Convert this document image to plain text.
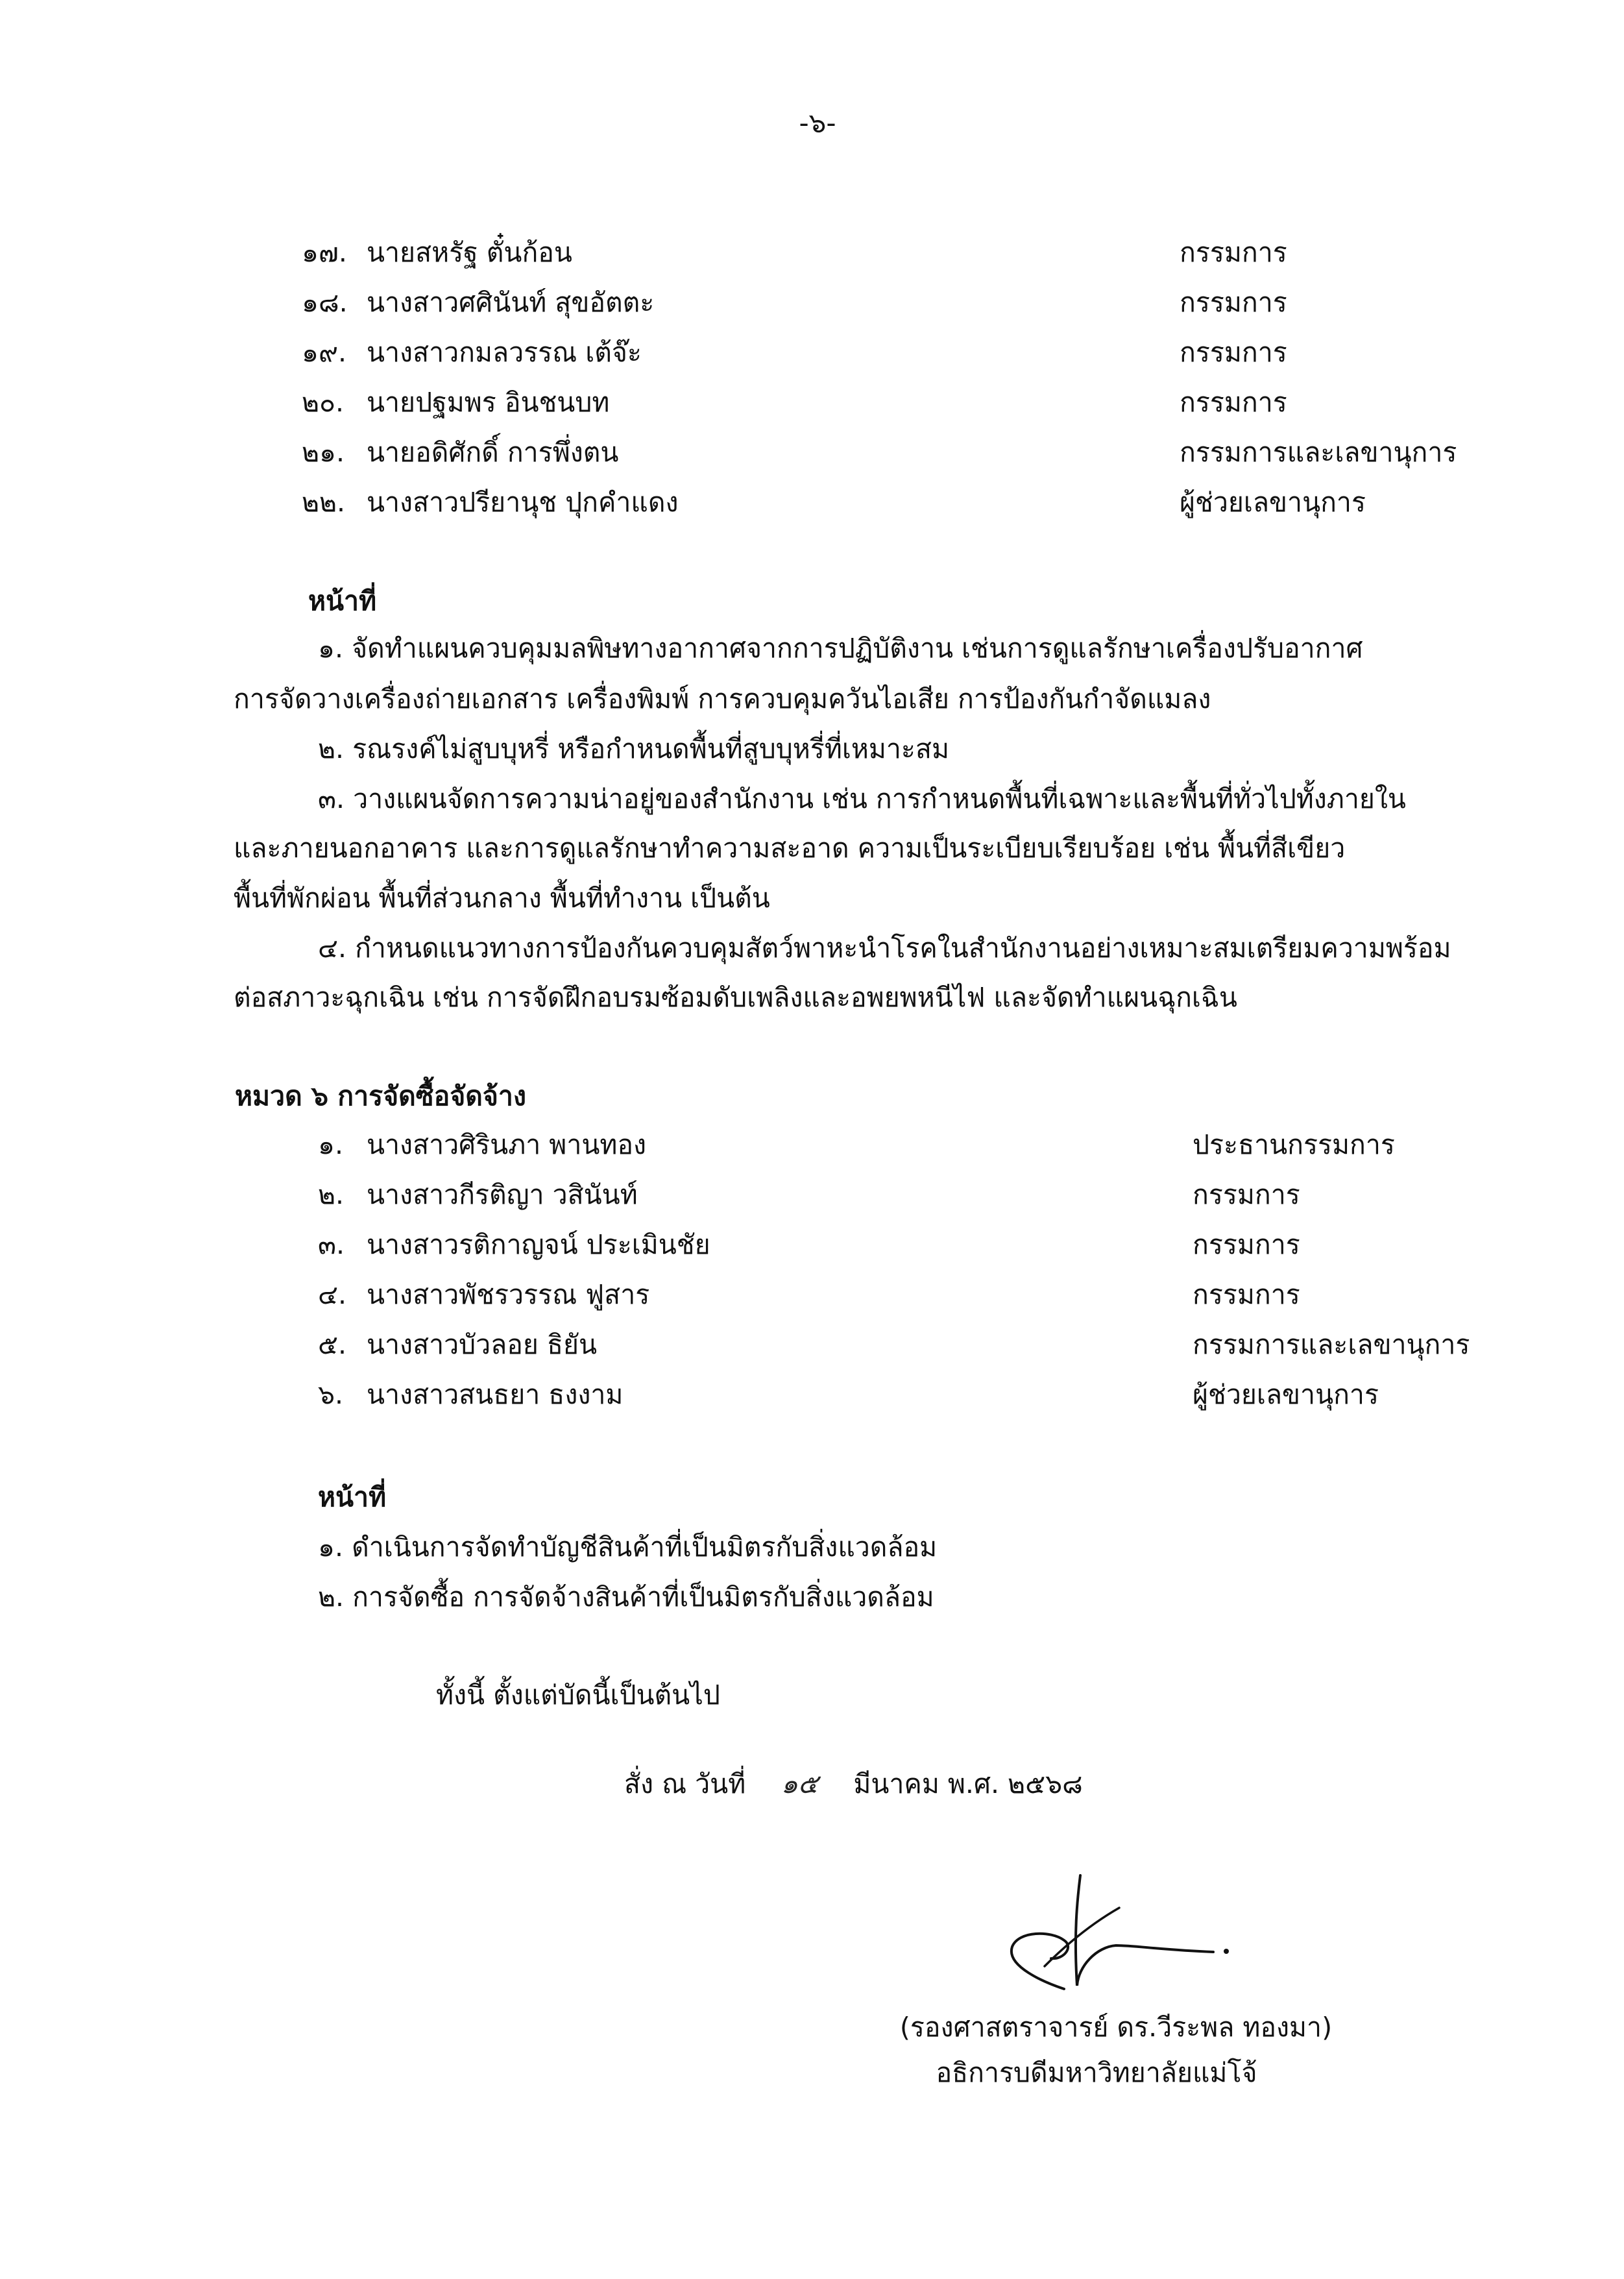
-๖-
๑๗. นายสหรัฐ ตั๋นก้อน	กรรมการ
๑๘. นางสาวศศินันท์ สุขอัตตะ	กรรมการ
๑๙. นางสาวกมลวรรณ เต้จ๊ะ	กรรมการ
๒๐. นายปฐมพร อินชนบท	กรรมการ
๒๑. นายอดิศักดิ์ การพึ่งตน	กรรมการและเลขานุการ
๒๒. นางสาวปรียานุช ปุกคำแดง	ผู้ช่วยเลขานุการ
หน้าที่
๑. จัดทำแผนควบคุมมลพิษทางอากาศจากการปฏิบัติงาน เช่นการดูแลรักษาเครื่องปรับอากาศ
การจัดวางเครื่องถ่ายเอกสาร เครื่องพิมพ์ การควบคุมควันไอเสีย การป้องกันกำจัดแมลง
๒. รณรงค์ไม่สูบบุหรี่ หรือกำหนดพื้นที่สูบบุหรี่ที่เหมาะสม
๓. วางแผนจัดการความน่าอยู่ของสำนักงาน เช่น การกำหนดพื้นที่เฉพาะและพื้นที่ทั่วไปทั้งภายใน
และภายนอกอาคาร และการดูแลรักษาทำความสะอาด ความเป็นระเบียบเรียบร้อย เช่น พื้นที่สีเขียว
พื้นที่พักผ่อน พื้นที่ส่วนกลาง พื้นที่ทำงาน เป็นต้น
๔. กำหนดแนวทางการป้องกันควบคุมสัตว์พาหะนำโรคในสำนักงานอย่างเหมาะสมเตรียมความพร้อม
ต่อสภาวะฉุกเฉิน เช่น การจัดฝึกอบรมซ้อมดับเพลิงและอพยพหนีไฟ และจัดทำแผนฉุกเฉิน
หมวด ๖ การจัดซื้อจัดจ้าง
๑. นางสาวศิรินภา พานทอง	ประธานกรรมการ
๒. นางสาวกีรติญา วสินันท์	กรรมการ
๓. นางสาวรติกาญจน์ ประเมินชัย	กรรมการ
๔. นางสาวพัชรวรรณ ฟูสาร	กรรมการ
๕. นางสาวบัวลอย ธิยัน	กรรมการและเลขานุการ
๖. นางสาวสนธยา ธงงาม	ผู้ช่วยเลขานุการ
หน้าที่
๑. ดำเนินการจัดทำบัญชีสินค้าที่เป็นมิตรกับสิ่งแวดล้อม
๒. การจัดซื้อ การจัดจ้างสินค้าที่เป็นมิตรกับสิ่งแวดล้อม
ทั้งนี้ ตั้งแต่บัดนี้เป็นต้นไป
สั่ง ณ วันที่ ๑๕ มีนาคม พ.ศ. ๒๕๖๘
(รองศาสตราจารย์ ดร.วีระพล ทองมา)
อธิการบดีมหาวิทยาลัยแม่โจ้
